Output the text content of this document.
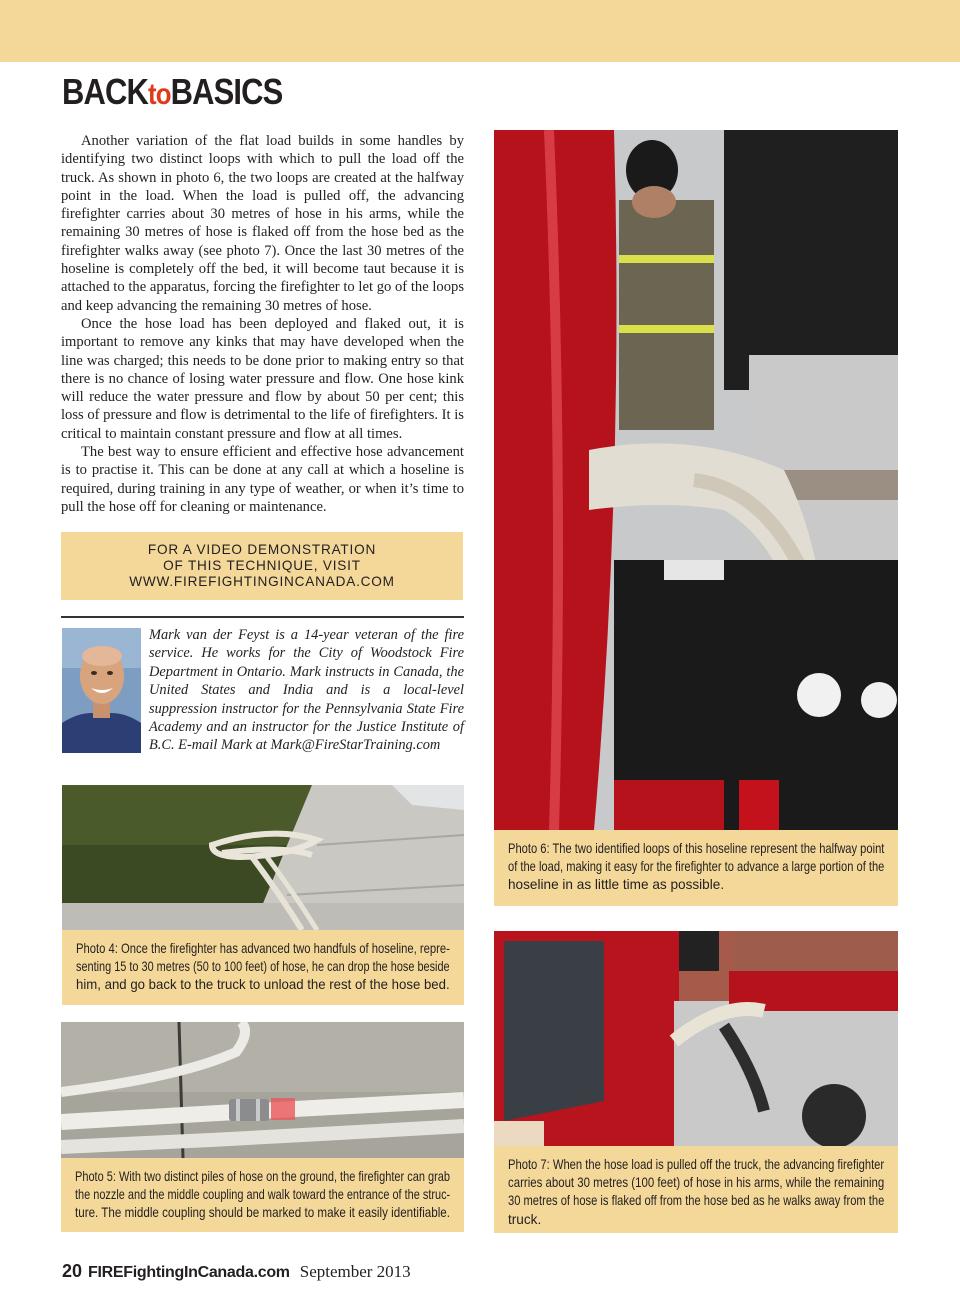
BACKtoBASICS

Another variation of the flat load builds in some handles by identifying two distinct loops with which to pull the load off the truck. As shown in photo 6, the two loops are created at the halfway point in the load. When the load is pulled off, the advancing firefighter carries about 30 metres of hose in his arms, while the remaining 30 metres of hose is flaked off from the hose bed as the firefighter walks away (see photo 7). Once the last 30 metres of the hoseline is completely off the bed, it will become taut because it is attached to the apparatus, forcing the firefighter to let go of the loops and keep advancing the remaining 30 metres of hose.

Once the hose load has been deployed and flaked out, it is important to remove any kinks that may have developed when the line was charged; this needs to be done prior to making entry so that there is no chance of losing water pressure and flow. One hose kink will reduce the water pressure and flow by about 50 per cent; this loss of pressure and flow is detrimental to the life of firefighters. It is critical to maintain constant pressure and flow at all times.

The best way to ensure efficient and effective hose advancement is to practise it. This can be done at any call at which a hoseline is required, during training in any type of weather, or when it’s time to pull the hose off for cleaning or maintenance.

FOR A VIDEO DEMONSTRATION
OF THIS TECHNIQUE, VISIT
WWW.FIREFIGHTINGINCANADA.COM
Mark van der Feyst is a 14-year veteran of the fire service. He works for the City of Woodstock Fire Department in Ontario. Mark instructs in Canada, the United States and India and is a local-level suppression instructor for the Pennsylvania State Fire Academy and an instructor for the Justice Institute of B.C. E-mail Mark at Mark@FireStarTraining.com
Photo 4: Once the firefighter has advanced two handfuls of hoseline, repre- senting 15 to 30 metres (50 to 100 feet) of hose, he can drop the hose beside him, and go back to the truck to unload the rest of the hose bed.
Photo 5: With two distinct piles of hose on the ground, the firefighter can grab the nozzle and the middle coupling and walk toward the entrance of the struc- ture. The middle coupling should be marked to make it easily identifiable.
Photo 6: The two identified loops of this hoseline represent the halfway point of the load, making it easy for the firefighter to advance a large portion of the hoseline in as little time as possible.
Photo 7: When the hose load is pulled off the truck, the advancing firefighter carries about 30 metres (100 feet) of hose in his arms, while the remaining 30 metres of hose is flaked off from the hose bed as he walks away from the truck.
20 FIREFightingInCanada.com September 2013
